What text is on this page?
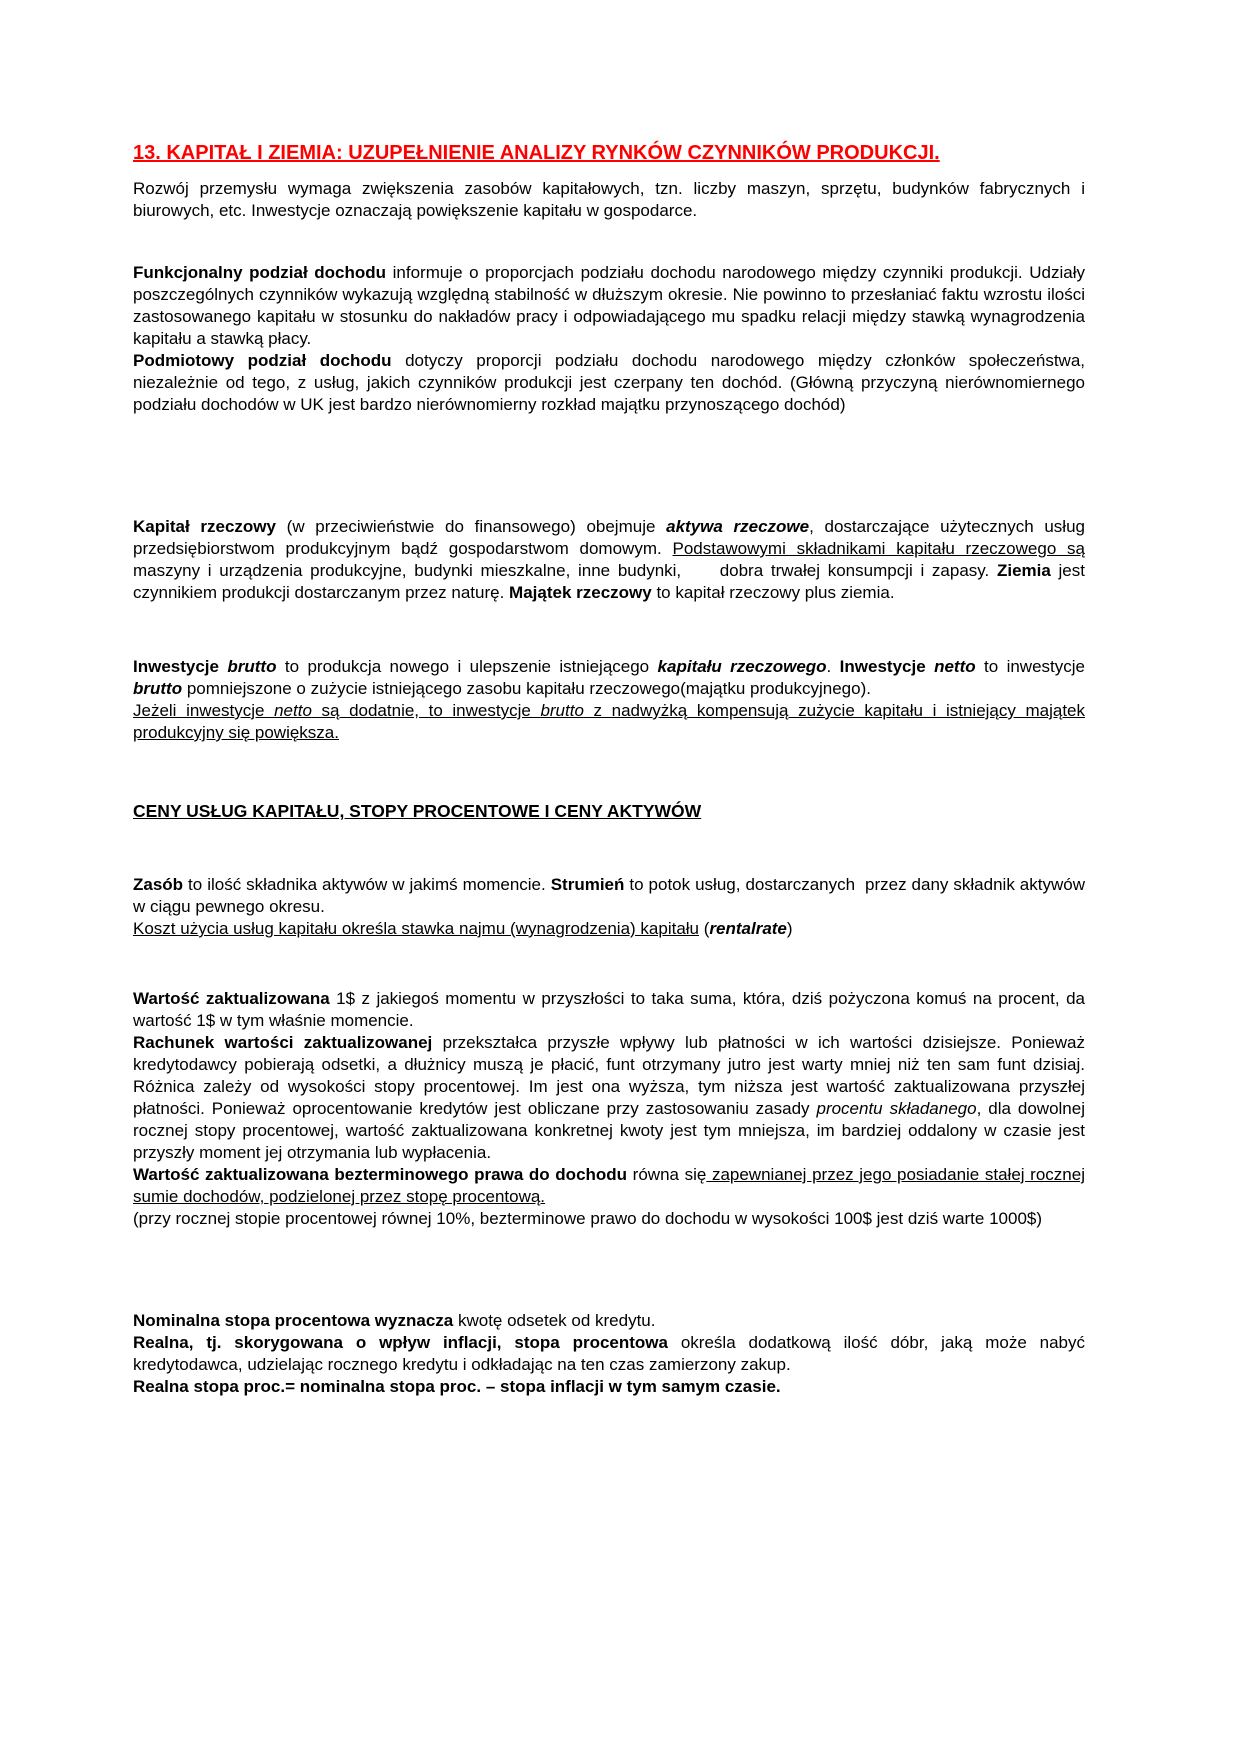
13. KAPITAŁ I ZIEMIA: UZUPEŁNIENIE ANALIZY RYNKÓW CZYNNIKÓW PRODUKCJI.

Rozwój przemysłu wymaga zwiększenia zasobów kapitałowych, tzn. liczby maszyn, sprzętu, budynków fabrycznych i biurowych, etc. Inwestycje oznaczają powiększenie kapitału w gospodarce.

Funkcjonalny podział dochodu informuje o proporcjach podziału dochodu narodowego między czynniki produkcji. Udziały poszczególnych czynników wykazują względną stabilność w dłuższym okresie. Nie powinno to przesłaniać faktu wzrostu ilości zastosowanego kapitału w stosunku do nakładów pracy i odpowiadającego mu spadku relacji między stawką wynagrodzenia kapitału a stawką płacy.
Podmiotowy podział dochodu dotyczy proporcji podziału dochodu narodowego między członków społeczeństwa, niezależnie od tego, z usług, jakich czynników produkcji jest czerpany ten dochód. (Główną przyczyną nierównomiernego podziału dochodów w UK jest bardzo nierównomierny rozkład majątku przynoszącego dochód)

Kapitał rzeczowy (w przeciwieństwie do finansowego) obejmuje aktywa rzeczowe, dostarczające użytecznych usług przedsiębiorstwom produkcyjnym bądź gospodarstwom domowym. Podstawowymi składnikami kapitału rzeczowego są maszyny i urządzenia produkcyjne, budynki mieszkalne, inne budynki,     dobra trwałej konsumpcji i zapasy. Ziemia jest czynnikiem produkcji dostarczanym przez naturę. Majątek rzeczowy to kapitał rzeczowy plus ziemia.

Inwestycje brutto to produkcja nowego i ulepszenie istniejącego kapitału rzeczowego. Inwestycje netto to inwestycje brutto pomniejszone o zużycie istniejącego zasobu kapitału rzeczowego(majątku produkcyjnego).
Jeżeli inwestycje netto są dodatnie, to inwestycje brutto z nadwyżką kompensują zużycie kapitału i istniejący majątek produkcyjny się powiększa.

CENY USŁUG KAPITAŁU, STOPY PROCENTOWE I CENY AKTYWÓW

Zasób to ilość składnika aktywów w jakimś momencie. Strumień to potok usług, dostarczanych  przez dany składnik aktywów w ciągu pewnego okresu.
Koszt użycia usług kapitału określa stawka najmu (wynagrodzenia) kapitału (rentalrate)

Wartość zaktualizowana 1$ z jakiegoś momentu w przyszłości to taka suma, która, dziś pożyczona komuś na procent, da wartość 1$ w tym właśnie momencie.
Rachunek wartości zaktualizowanej przekształca przyszłe wpływy lub płatności w ich wartości dzisiejsze. Ponieważ kredytodawcy pobierają odsetki, a dłużnicy muszą je płacić, funt otrzymany jutro jest warty mniej niż ten sam funt dzisiaj. Różnica zależy od wysokości stopy procentowej. Im jest ona wyższa, tym niższa jest wartość zaktualizowana przyszłej płatności. Ponieważ oprocentowanie kredytów jest obliczane przy zastosowaniu zasady procentu składanego, dla dowolnej rocznej stopy procentowej, wartość zaktualizowana konkretnej kwoty jest tym mniejsza, im bardziej oddalony w czasie jest przyszły moment jej otrzymania lub wypłacenia.
Wartość zaktualizowana bezterminowego prawa do dochodu równa się zapewnianej przez jego posiadanie stałej rocznej sumie dochodów, podzielonej przez stopę procentową.
(przy rocznej stopie procentowej równej 10%, bezterminowe prawo do dochodu w wysokości 100$ jest dziś warte 1000$)

Nominalna stopa procentowa wyznacza kwotę odsetek od kredytu.
Realna, tj. skorygowana o wpływ inflacji, stopa procentowa określa dodatkową ilość dóbr, jaką może nabyć kredytodawca, udzielając rocznego kredytu i odkładając na ten czas zamierzony zakup.
Realna stopa proc.= nominalna stopa proc. – stopa inflacji w tym samym czasie.
